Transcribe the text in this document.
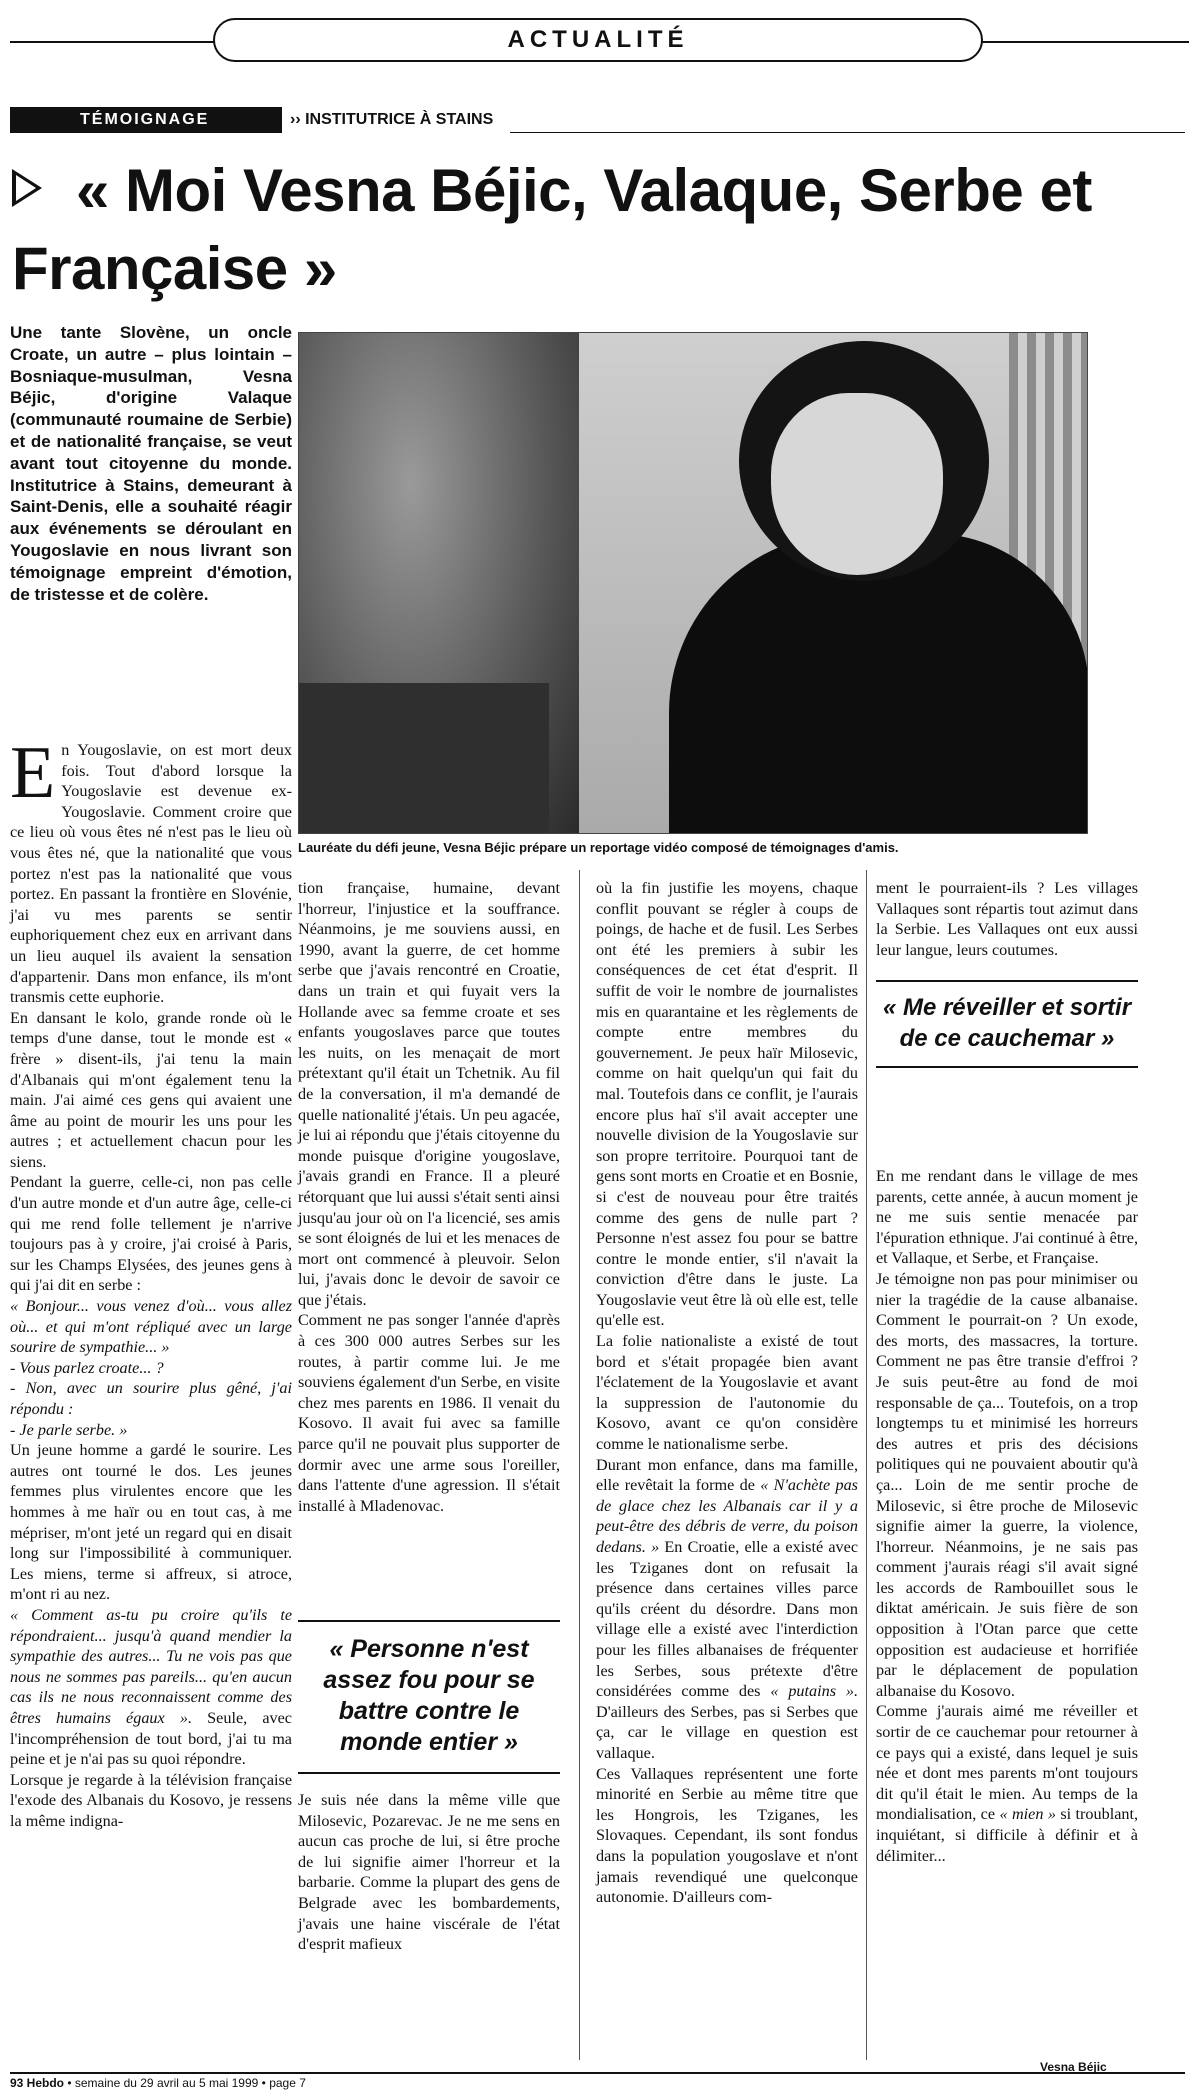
ACTUALITÉ
TÉMOIGNAGE	›› INSTITUTRICE À STAINS
« Moi Vesna Béjic, Valaque, Serbe et Française »
Une tante Slovène, un oncle Croate, un autre – plus lointain – Bosniaque-musulman, Vesna Béjic, d'origine Valaque (communauté roumaine de Serbie) et de nationalité française, se veut avant tout citoyenne du monde. Institutrice à Stains, demeurant à Saint-Denis, elle a souhaité réagir aux événements se déroulant en Yougoslavie en nous livrant son témoignage empreint d'émotion, de tristesse et de colère.
Lauréate du défi jeune, Vesna Béjic prépare un reportage vidéo composé de témoignages d'amis.

En Yougoslavie, on est mort deux fois. Tout d'abord lorsque la Yougoslavie est devenue ex-Yougoslavie. Comment croire que ce lieu où vous êtes né n'est pas le lieu où vous êtes né, que la nationalité que vous portez n'est pas la nationalité que vous portez. En passant la frontière en Slovénie, j'ai vu mes parents se sentir euphoriquement chez eux en arrivant dans un lieu auquel ils avaient la sensation d'appartenir. Dans mon enfance, ils m'ont transmis cette euphorie.

En dansant le kolo, grande ronde où le temps d'une danse, tout le monde est « frère » disent-ils, j'ai tenu la main d'Albanais qui m'ont également tenu la main. J'ai aimé ces gens qui avaient une âme au point de mourir les uns pour les autres ; et actuellement chacun pour les siens.

Pendant la guerre, celle-ci, non pas celle d'un autre monde et d'un autre âge, celle-ci qui me rend folle tellement je n'arrive toujours pas à y croire, j'ai croisé à Paris, sur les Champs Elysées, des jeunes gens à qui j'ai dit en serbe :

« Bonjour... vous venez d'où... vous allez où... et qui m'ont répliqué avec un large sourire de sympathie... »

- Vous parlez croate... ?

- Non, avec un sourire plus gêné, j'ai répondu :

- Je parle serbe. »

Un jeune homme a gardé le sourire. Les autres ont tourné le dos. Les jeunes femmes plus virulentes encore que les hommes à me haïr ou en tout cas, à me mépriser, m'ont jeté un regard qui en disait long sur l'impossibilité à communiquer. Les miens, terme si affreux, si atroce, m'ont ri au nez.

« Comment as-tu pu croire qu'ils te répondraient... jusqu'à quand mendier la sympathie des autres... Tu ne vois pas que nous ne sommes pas pareils... qu'en aucun cas ils ne nous reconnaissent comme des êtres humains égaux ». Seule, avec l'incompréhension de tout bord, j'ai tu ma peine et je n'ai pas su quoi répondre.

Lorsque je regarde à la télévision française l'exode des Albanais du Kosovo, je ressens la même indigna-

tion française, humaine, devant l'horreur, l'injustice et la souffrance. Néanmoins, je me souviens aussi, en 1990, avant la guerre, de cet homme serbe que j'avais rencontré en Croatie, dans un train et qui fuyait vers la Hollande avec sa femme croate et ses enfants yougoslaves parce que toutes les nuits, on les menaçait de mort prétextant qu'il était un Tchetnik. Au fil de la conversation, il m'a demandé de quelle nationalité j'étais. Un peu agacée, je lui ai répondu que j'étais citoyenne du monde puisque d'origine yougoslave, j'avais grandi en France. Il a pleuré rétorquant que lui aussi s'était senti ainsi jusqu'au jour où on l'a licencié, ses amis se sont éloignés de lui et les menaces de mort ont commencé à pleuvoir. Selon lui, j'avais donc le devoir de savoir ce que j'étais.

Comment ne pas songer l'année d'après à ces 300 000 autres Serbes sur les routes, à partir comme lui. Je me souviens également d'un Serbe, en visite chez mes parents en 1986. Il venait du Kosovo. Il avait fui avec sa famille parce qu'il ne pouvait plus supporter de dormir avec une arme sous l'oreiller, dans l'attente d'une agression. Il s'était installé à Mladenovac.

« Personne n'est assez fou pour se battre contre le monde entier »

Je suis née dans la même ville que Milosevic, Pozarevac. Je ne me sens en aucun cas proche de lui, si être proche de lui signifie aimer l'horreur et la barbarie. Comme la plupart des gens de Belgrade avec les bombardements, j'avais une haine viscérale de l'état d'esprit mafieux

où la fin justifie les moyens, chaque conflit pouvant se régler à coups de poings, de hache et de fusil. Les Serbes ont été les premiers à subir les conséquences de cet état d'esprit. Il suffit de voir le nombre de journalistes mis en quarantaine et les règlements de compte entre membres du gouvernement. Je peux haïr Milosevic, comme on hait quelqu'un qui fait du mal. Toutefois dans ce conflit, je l'aurais encore plus haï s'il avait accepter une nouvelle division de la Yougoslavie sur son propre territoire. Pourquoi tant de gens sont morts en Croatie et en Bosnie, si c'est de nouveau pour être traités comme des gens de nulle part ? Personne n'est assez fou pour se battre contre le monde entier, s'il n'avait la conviction d'être dans le juste. La Yougoslavie veut être là où elle est, telle qu'elle est.

La folie nationaliste a existé de tout bord et s'était propagée bien avant l'éclatement de la Yougoslavie et avant la suppression de l'autonomie du Kosovo, avant ce qu'on considère comme le nationalisme serbe.

Durant mon enfance, dans ma famille, elle revêtait la forme de « N'achète pas de glace chez les Albanais car il y a peut-être des débris de verre, du poison dedans. » En Croatie, elle a existé avec les Tziganes dont on refusait la présence dans certaines villes parce qu'ils créent du désordre. Dans mon village elle a existé avec l'interdiction pour les filles albanaises de fréquenter les Serbes, sous prétexte d'être considérées comme des « putains ». D'ailleurs des Serbes, pas si Serbes que ça, car le village en question est vallaque.

Ces Vallaques représentent une forte minorité en Serbie au même titre que les Hongrois, les Tziganes, les Slovaques. Cependant, ils sont fondus dans la population yougoslave et n'ont jamais revendiqué une quelconque autonomie. D'ailleurs com-

ment le pourraient-ils ? Les villages Vallaques sont répartis tout azimut dans la Serbie. Les Vallaques ont eux aussi leur langue, leurs coutumes.

« Me réveiller et sortir de ce cauchemar »

En me rendant dans le village de mes parents, cette année, à aucun moment je ne me suis sentie menacée par l'épuration ethnique. J'ai continué à être, et Vallaque, et Serbe, et Française.

Je témoigne non pas pour minimiser ou nier la tragédie de la cause albanaise. Comment le pourrait-on ? Un exode, des morts, des massacres, la torture. Comment ne pas être transie d'effroi ? Je suis peut-être au fond de moi responsable de ça... Toutefois, on a trop longtemps tu et minimisé les horreurs des autres et pris des décisions politiques qui ne pouvaient aboutir qu'à ça... Loin de me sentir proche de Milosevic, si être proche de Milosevic signifie aimer la guerre, la violence, l'horreur. Néanmoins, je ne sais pas comment j'aurais réagi s'il avait signé les accords de Rambouillet sous le diktat américain. Je suis fière de son opposition à l'Otan parce que cette opposition est audacieuse et horrifiée par le déplacement de population albanaise du Kosovo.

Comme j'aurais aimé me réveiller et sortir de ce cauchemar pour retourner à ce pays qui a existé, dans lequel je suis née et dont mes parents m'ont toujours dit qu'il était le mien. Au temps de la mondialisation, ce « mien » si troublant, inquiétant, si difficile à définir et à délimiter...

Vesna Béjic
93 Hebdo • semaine du 29 avril au 5 mai 1999 • page 7
